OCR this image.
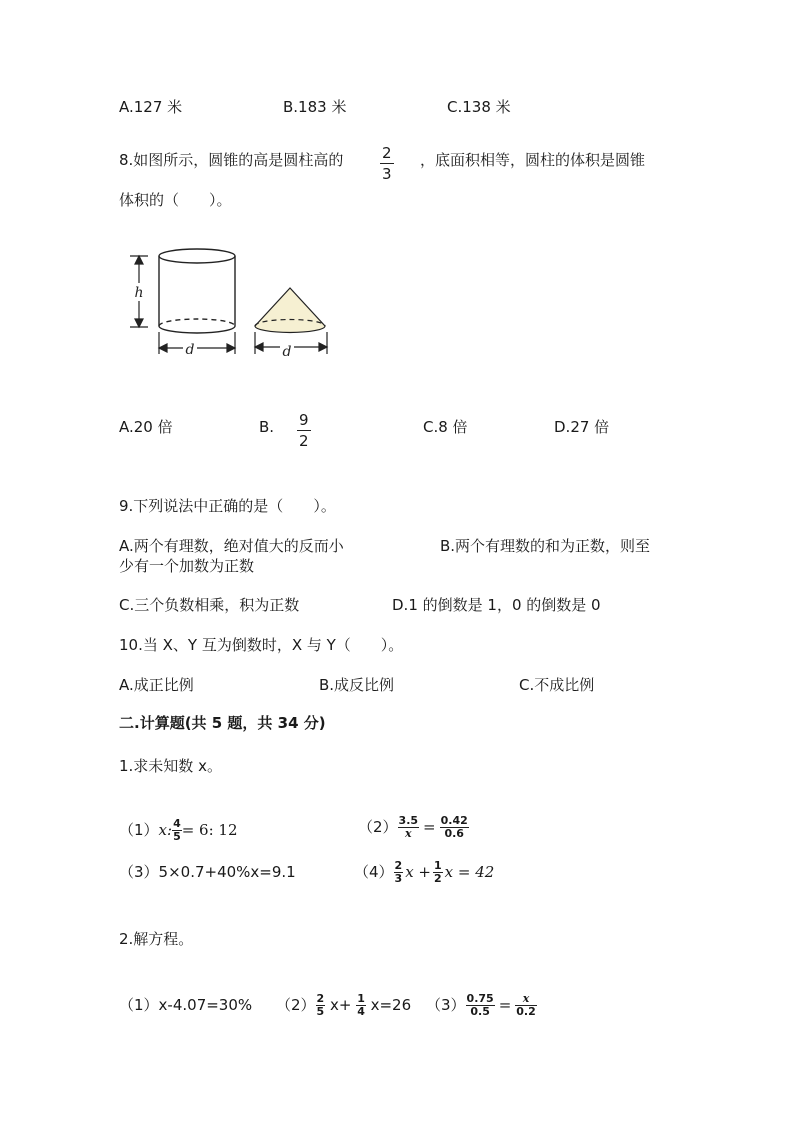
A.127 米	B.183 米	C.138 米
8.如图所示，圆锥的高是圆柱高的 $\frac{2}{3}$ ，底面积相等，圆柱的体积是圆锥
体积的（　　）。
h
d	d
A.20 倍	B. $\frac{9}{2}$	C.8 倍	D.27 倍
9.下列说法中正确的是（　　）。
A.两个有理数，绝对值大的反而小	B.两个有理数的和为正数，则至
少有一个加数为正数
C.三个负数相乘，积为正数	D.1 的倒数是 1，0 的倒数是 0
10.当 X、Y 互为倒数时，X 与 Y（　　）。
A.成正比例	B.成反比例	C.不成比例
二.计算题(共 5 题，共 34 分)
1.求未知数 x。
（1）x: $\frac{4}{5} = 6$: 12	$(2) \frac{3.5}{x} = \frac{0.42}{0.6}$
（3）5×0.7+40%x=9.1	$(4) \frac{2}{3}$ $x + \frac{1}{2}$ x = 42
2.解方程。
（1）x-4.07=30% $(2) \frac{2}{5} x+ \frac{1}{4} x=26$ $(3) \frac{0.75}{0.5} = \frac{x}{0.2}$
